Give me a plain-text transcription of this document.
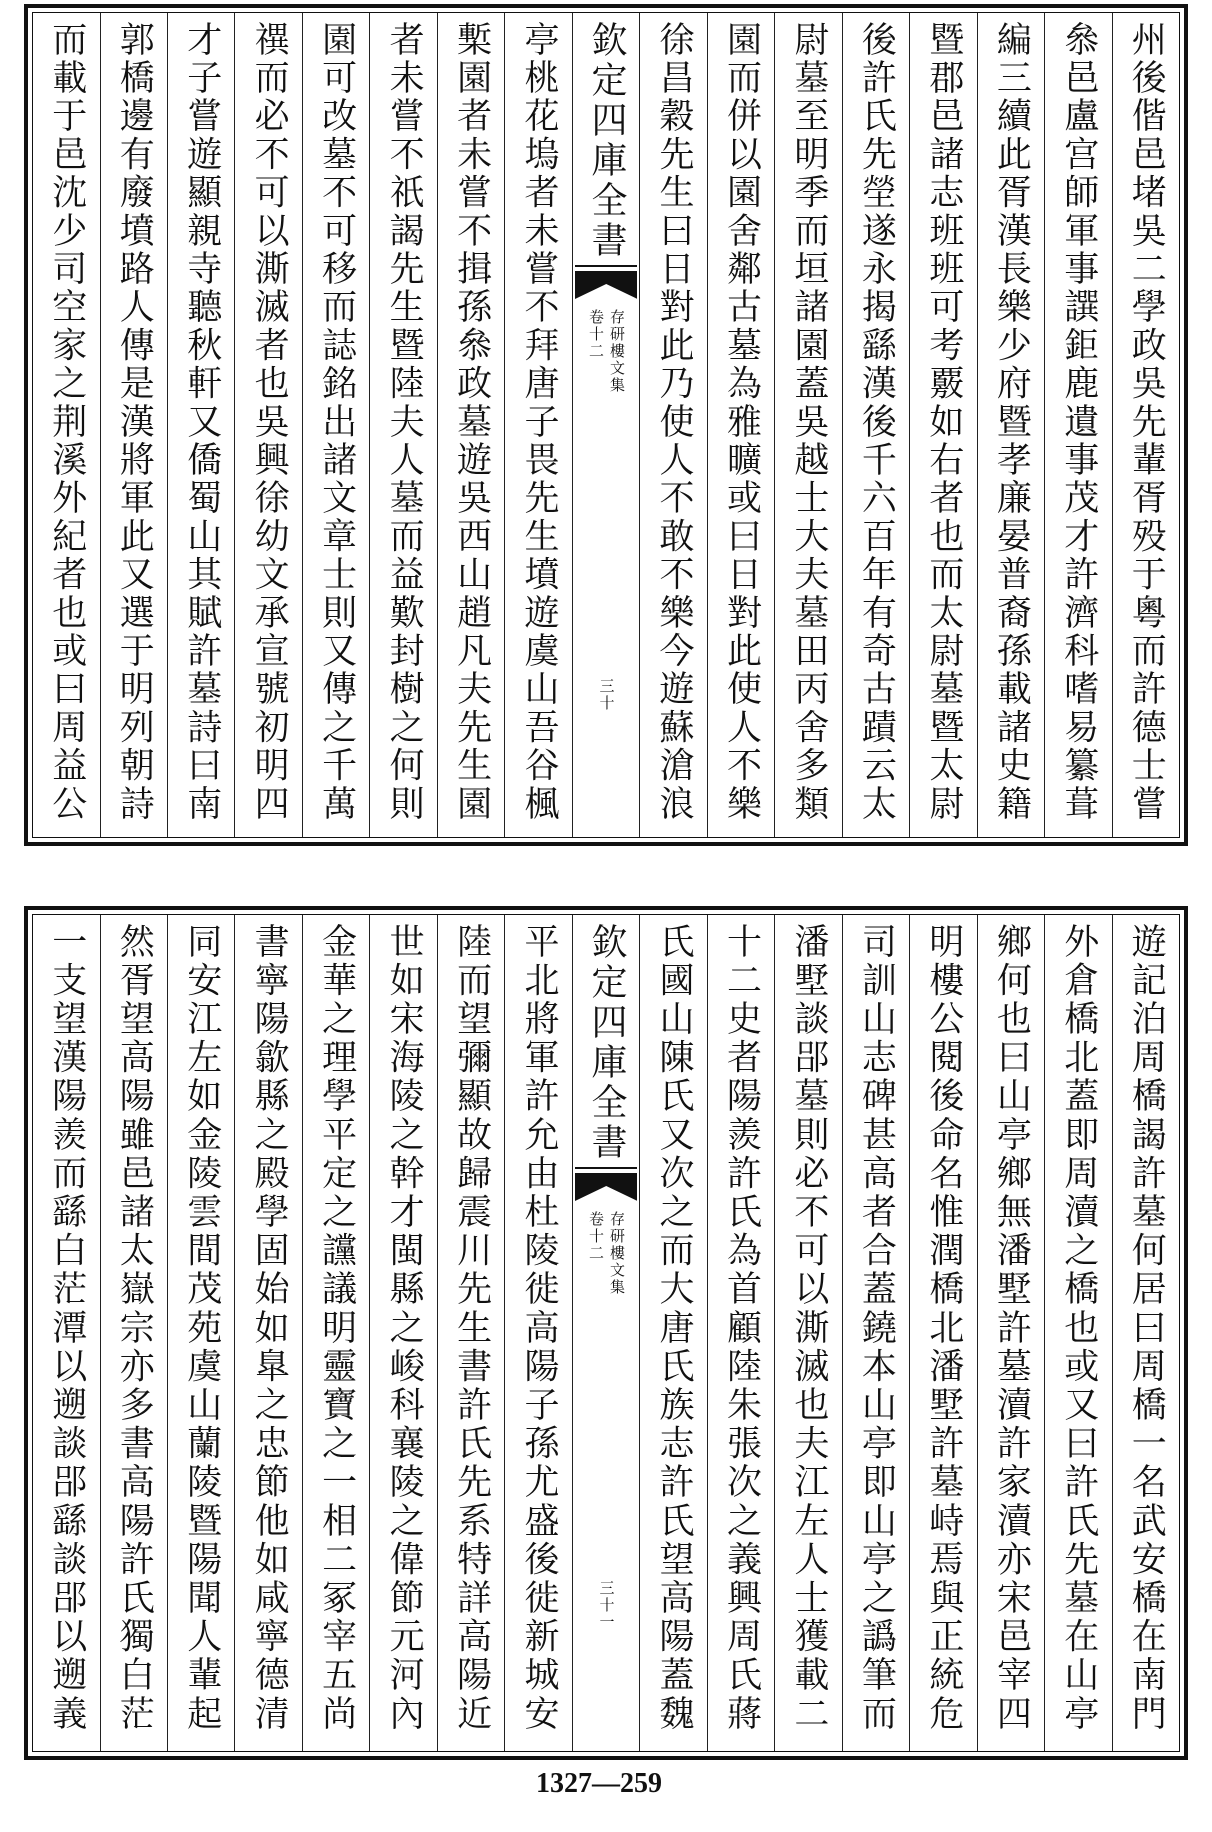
州後偕邑堵吳二學政吳先輩胥殁于粵而許德士嘗
叅邑盧宫師軍事譔鉅鹿遺事茂才許濟科嗜易纂葺
編三續此胥漢長樂少府暨孝廉晏普裔孫載諸史籍
暨郡邑諸志班班可考覈如右者也而太尉墓暨太尉
後許氏先塋遂永揭繇漢後千六百年有奇古蹟云太
尉墓至明季而垣諸園蓋吳越士大夫墓田丙舍多類
園而併以園舍鄰古墓為雅曠或曰日對此使人不樂
徐昌穀先生曰日對此乃使人不敢不樂今遊蘇滄浪
欽定四庫全書
存研樓文集
卷十二
三十
亭桃花塢者未嘗不拜唐子畏先生墳遊虞山吾谷楓
槧園者未嘗不揖孫叅政墓遊吳西山趙凡夫先生園
者未嘗不祇謁先生暨陸夫人墓而益歎封樹之何則
園可改墓不可移而誌銘出諸文章士則又傳之千萬
禩而必不可以澌滅者也吳興徐幼文承宣號初明四
才子嘗遊顯親寺聽秋軒又僑蜀山其賦許墓詩曰南
郭橋邊有廢墳路人傳是漢將軍此又選于明列朝詩
而載于邑沈少司空家之荆溪外紀者也或曰周益公
遊記泊周橋謁許墓何居曰周橋一名武安橋在南門
外倉橋北蓋即周瀆之橋也或又曰許氏先墓在山亭
鄉何也曰山亭鄉無潘墅許墓瀆許家瀆亦宋邑宰四
明樓公閱後命名惟潤橋北潘墅許墓峙焉與正統危
司訓山志碑甚高者合蓋鐃本山亭即山亭之譌筆而
潘墅談郘墓則必不可以澌滅也夫江左人士獲載二
十二史者陽羨許氏為首顧陸朱張次之義興周氏蔣
氏國山陳氏又次之而大唐氏族志許氏望高陽蓋魏
欽定四庫全書
存研樓文集
卷十二
三十一
平北將軍許允由杜陵徙高陽子孫尤盛後徙新城安
陸而望彌顯故歸震川先生書許氏先系特詳高陽近
世如宋海陵之幹才閩縣之峻科襄陵之偉節元河內
金華之理學平定之讜議明靈寶之一相二冢宰五尚
書寧陽歙縣之殿學固始如臯之忠節他如咸寧德清
同安江左如金陵雲間茂苑虞山蘭陵暨陽聞人輩起
然胥望高陽雖邑諸太嶽宗亦多書高陽許氏獨白茫
一支望漢陽羨而繇白茫潭以遡談郘繇談郘以遡義
1327—259
